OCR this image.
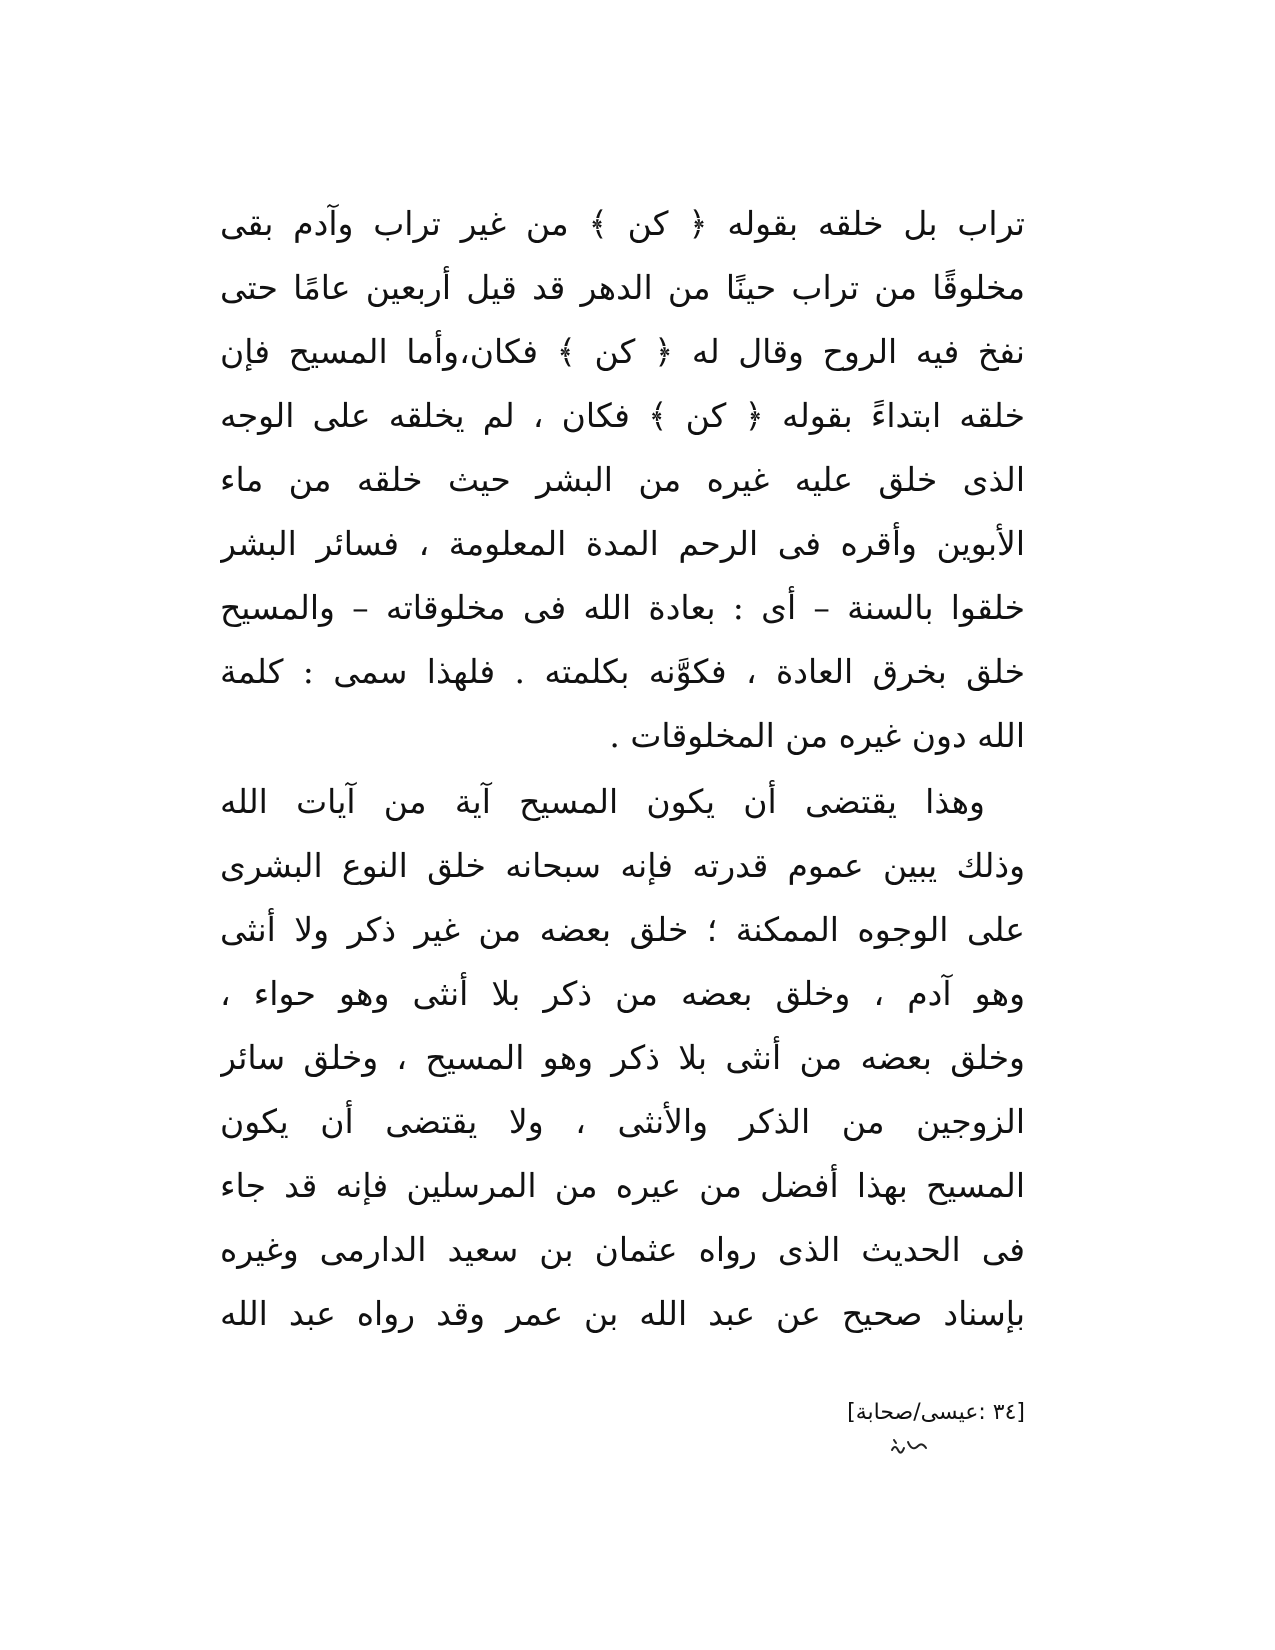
تراب بل خلقه بقوله ﴿ كن ﴾ من غير تراب وآدم بقى
مخلوقًا من تراب حينًا من الدهر قد قيل أربعين عامًا حتى
نفخ فيه الروح وقال له ﴿ كن ﴾ فكان،وأما المسيح فإن
خلقه ابتداءً بقوله ﴿ كن ﴾ فكان ، لم يخلقه على الوجه
الذى خلق عليه غيره من البشر حيث خلقه من ماء
الأبوين وأقره فى الرحم المدة المعلومة ، فسائر البشر
خلقوا بالسنة – أى : بعادة الله فى مخلوقاته – والمسيح
خلق بخرق العادة ، فكوَّنه بكلمته . فلهذا سمى : كلمة
الله دون غيره من المخلوقات .
وهذا يقتضى أن يكون المسيح آية من آيات الله
وذلك يبين عموم قدرته فإنه سبحانه خلق النوع البشرى
على الوجوه الممكنة ؛ خلق بعضه من غير ذكر ولا أنثى
وهو آدم ، وخلق بعضه من ذكر بلا أنثى وهو حواء ،
وخلق بعضه من أنثى بلا ذكر وهو المسيح ، وخلق سائر
الزوجين من الذكر والأنثى ، ولا يقتضى أن يكون
المسيح بهذا أفضل من عيره من المرسلين فإنه قد جاء
فى الحديث الذى رواه عثمان بن سعيد الدارمى وغيره
بإسناد صحيح عن عبد الله بن عمر وقد رواه عبد الله
[٣٤ :عيسى/صحابة]
